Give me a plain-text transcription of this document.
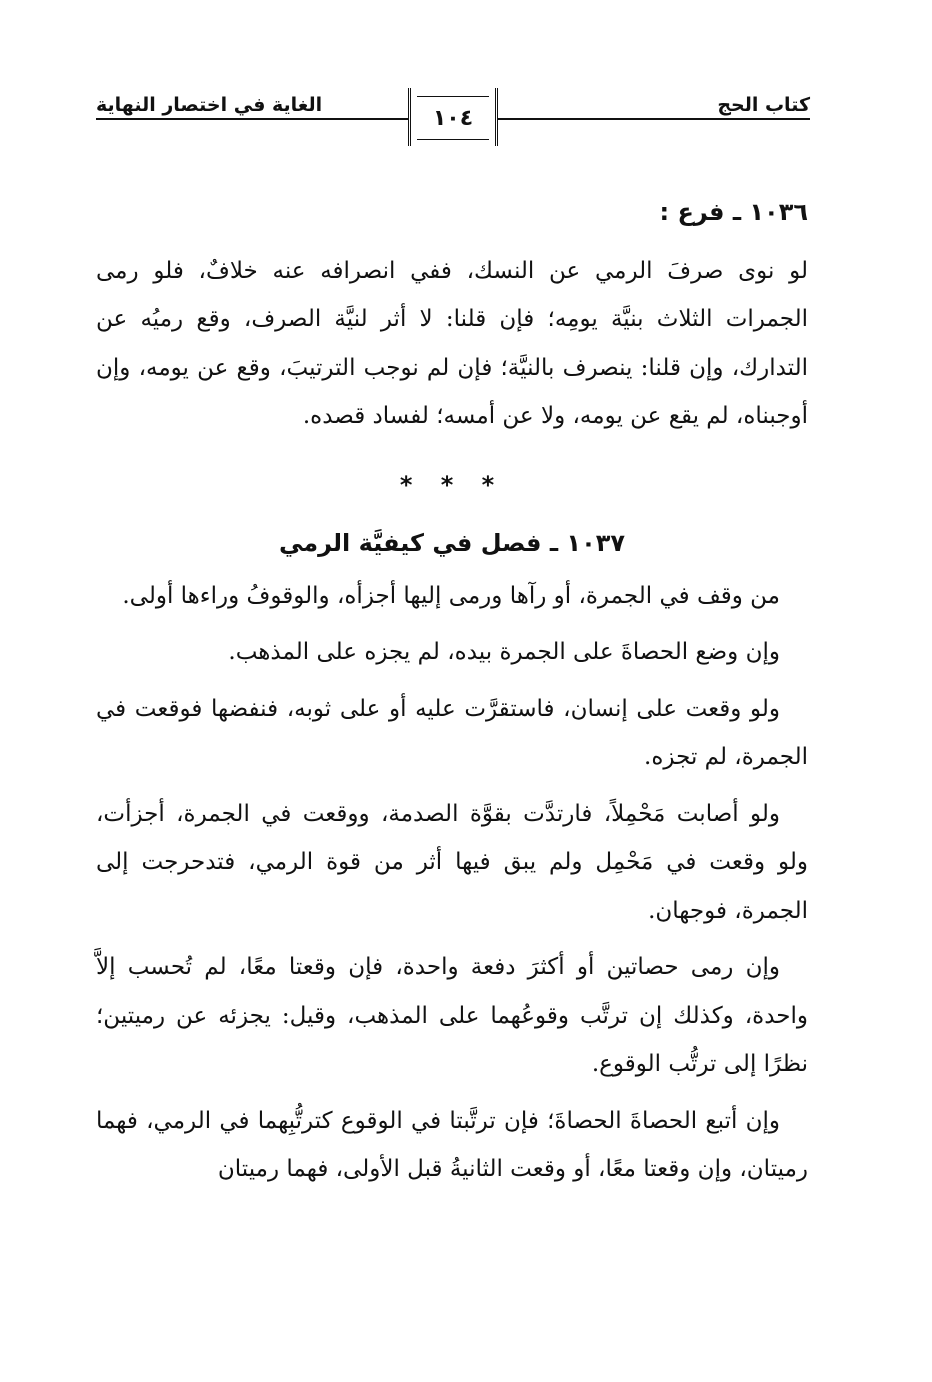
كتاب الحج
الغاية في اختصار النهاية
١٠٤
١٠٣٦ ـ فرع :

لو نوى صرفَ الرمي عن النسك، ففي انصرافه عنه خلافٌ، فلو رمى الجمرات الثلاث بنيَّة يومِه؛ فإن قلنا: لا أثر لنيَّة الصرف، وقع رميُه عن التدارك، وإن قلنا: ينصرف بالنيَّة؛ فإن لم نوجب الترتيبَ، وقع عن يومه، وإن أوجبناه، لم يقع عن يومه، ولا عن أمسه؛ لفساد قصده.

* * *
١٠٣٧ ـ فصل في كيفيَّة الرمي

من وقف في الجمرة، أو رآها ورمى إليها أجزأه، والوقوفُ وراءها أولى.

وإن وضع الحصاةَ على الجمرة بيده، لم يجزه على المذهب.

ولو وقعت على إنسان، فاستقرَّت عليه أو على ثوبه، فنفضها فوقعت في الجمرة، لم تجزه.

ولو أصابت مَحْمِلاً، فارتدَّت بقوَّة الصدمة، ووقعت في الجمرة، أجزأت، ولو وقعت في مَحْمِل ولم يبق فيها أثر من قوة الرمي، فتدحرجت إلى الجمرة، فوجهان.

وإن رمى حصاتين أو أكثرَ دفعة واحدة، فإن وقعتا معًا، لم تُحسب إلاَّ واحدة، وكذلك إن ترتَّب وقوعُهما على المذهب، وقيل: يجزئه عن رميتين؛ نظرًا إلى ترتُّب الوقوع.

وإن أتبع الحصاةَ الحصاةَ؛ فإن ترتَّبتا في الوقوع كترتُّبِهما في الرمي، فهما رميتان، وإن وقعتا معًا، أو وقعت الثانيةُ قبل الأولى، فهما رميتان
